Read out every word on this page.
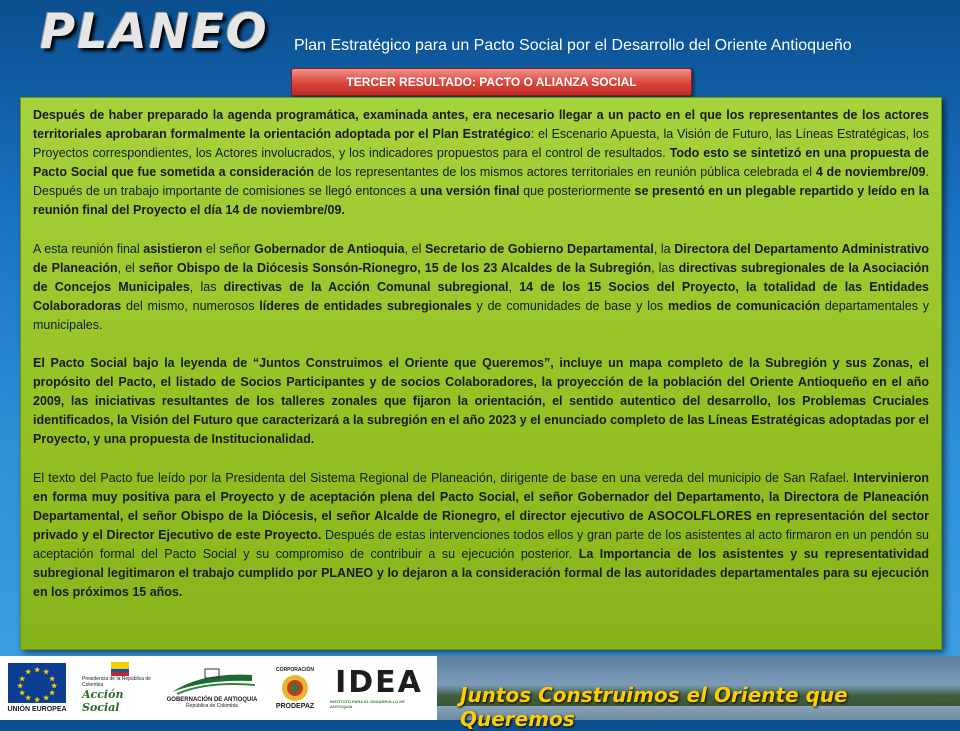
PLANEO Plan Estratégico para un Pacto Social por el Desarrollo del Oriente Antioqueño
TERCER RESULTADO: PACTO O ALIANZA SOCIAL

Después de haber preparado la agenda programática, examinada antes, era necesario llegar a un pacto en el que los representantes de los actores territoriales aprobaran formalmente la orientación adoptada por el Plan Estratégico: el Escenario Apuesta, la Visión de Futuro, las Líneas Estratégicas, los Proyectos correspondientes, los Actores involucrados, y los indicadores propuestos para el control de resultados. Todo esto se sintetizó en una propuesta de Pacto Social que fue sometida a consideración de los representantes de los mismos actores territoriales en reunión pública celebrada el 4 de noviembre/09. Después de un trabajo importante de comisiones se llegó entonces a una versión final que posteriormente se presentó en un plegable repartido y leído en la reunión final del Proyecto el día 14 de noviembre/09.

A esta reunión final asistieron el señor Gobernador de Antioquia, el Secretario de Gobierno Departamental, la Directora del Departamento Administrativo de Planeación, el señor Obispo de la Diócesis Sonsón-Rionegro, 15 de los 23 Alcaldes de la Subregión, las directivas subregionales de la Asociación de Concejos Municipales, las directivas de la Acción Comunal subregional, 14 de los 15 Socios del Proyecto, la totalidad de las Entidades Colaboradoras del mismo, numerosos líderes de entidades subregionales y de comunidades de base y los medios de comunicación departamentales y municipales.

El Pacto Social bajo la leyenda de “Juntos Construimos el Oriente que Queremos”, incluye un mapa completo de la Subregión y sus Zonas, el propósito del Pacto, el listado de Socios Participantes y de socios Colaboradores, la proyección de la población del Oriente Antioqueño en el año 2009, las iniciativas resultantes de los talleres zonales que fijaron la orientación, el sentido autentico del desarrollo, los Problemas Cruciales identificados, la Visión del Futuro que caracterizará a la subregión en el año 2023 y el enunciado completo de las Líneas Estratégicas adoptadas por el Proyecto, y una propuesta de Institucionalidad.

El texto del Pacto fue leído por la Presidenta del Sistema Regional de Planeación, dirigente de base en una vereda del municipio de San Rafael. Intervinieron en forma muy positiva para el Proyecto y de aceptación plena del Pacto Social, el señor Gobernador del Departamento, la Directora de Planeación Departamental, el señor Obispo de la Diócesis, el señor Alcalde de Rionegro, el director ejecutivo de ASOCOLFLORES en representación del sector privado y el Director Ejecutivo de este Proyecto. Después de estas intervenciones todos ellos y gran parte de los asistentes al acto firmaron en un pendón su aceptación formal del Pacto Social y su compromiso de contribuir a su ejecución posterior. La Importancia de los asistentes y su representatividad subregional legitimaron el trabajo cumplido por PLANEO y lo dejaron a la consideración formal de las autoridades departamentales para su ejecución en los próximos 15 años.

★ ★
★
★
★
★
★
★
★
★
★
★
UNIÓN EUROPEA
Presidencia de la República de Colombia
Acción Social
GOBERNACIÓN DE ANTIOQUIA
República de Colombia
CORPORACIÓN
PRODEPAZ
IDEA
INSTITUTO PARA EL DESARROLLO DE ANTIOQUIA	Juntos Construimos el Oriente que Queremos
